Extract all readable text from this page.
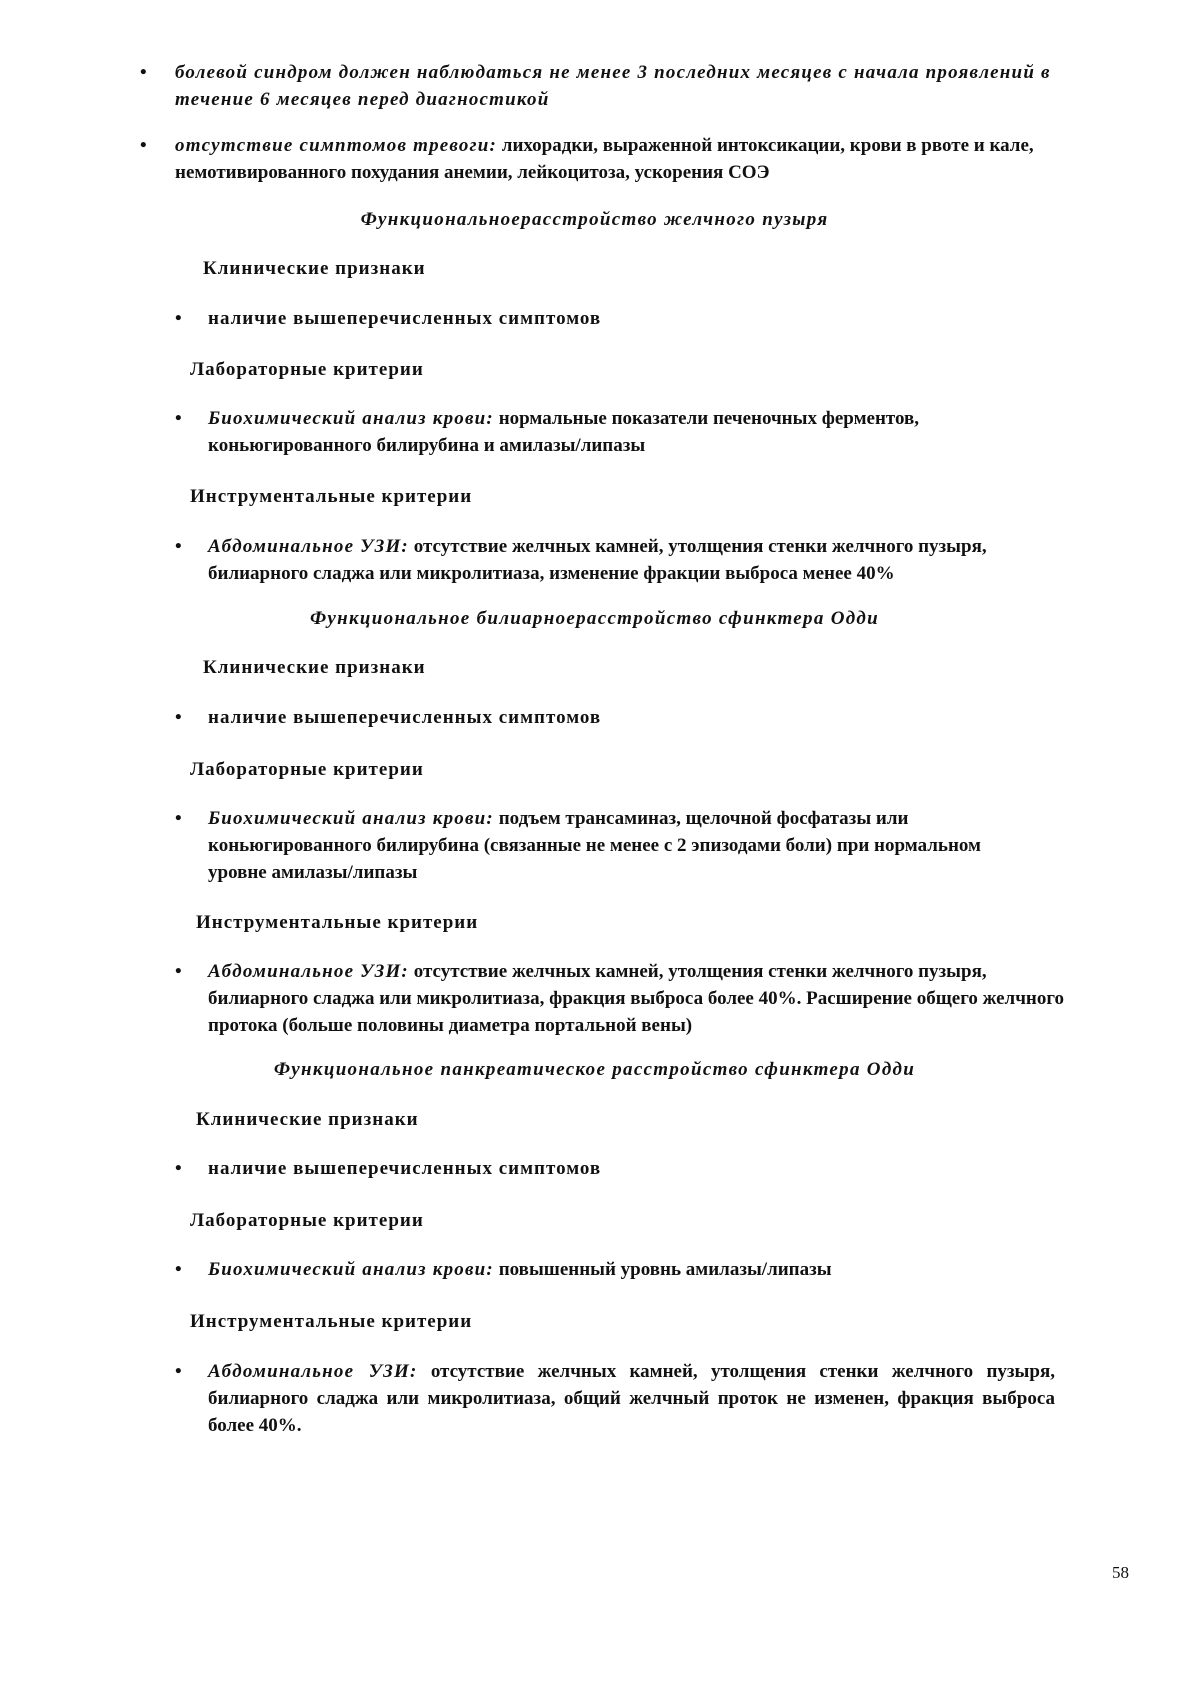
• болевой синдром должен наблюдаться не менее 3 последних месяцев с начала проявлений в течение 6 месяцев перед диагностикой
• отсутствие симптомов тревоги: лихорадки, выраженной интоксикации, крови в рвоте и кале, немотивированного похудания анемии, лейкоцитоза, ускорения СОЭ
Функциональноерасстройство желчного пузыря
Клинические признаки
• наличие вышеперечисленных симптомов
Лабораторные критерии
• Биохимический анализ крови: нормальные показатели печеночных ферментов, коньюгированного билирубина и амилазы/липазы
Инструментальные критерии
• Абдоминальное УЗИ: отсутствие желчных камней, утолщения стенки желчного пузыря, билиарного сладжа или микролитиаза, изменение фракции выброса менее 40%
Функциональное билиарноерасстройство сфинктера Одди
Клинические признаки
• наличие вышеперечисленных симптомов
Лабораторные критерии
• Биохимический анализ крови: подъем трансаминаз, щелочной фосфатазы или коньюгированного билирубина (связанные не менее с 2 эпизодами боли) при нормальном уровне амилазы/липазы
Инструментальные критерии
• Абдоминальное УЗИ: отсутствие желчных камней, утолщения стенки желчного пузыря, билиарного сладжа или микролитиаза, фракция выброса более 40%. Расширение общего желчного протока (больше половины диаметра портальной вены)
Функциональное панкреатическое расстройство сфинктера Одди
Клинические признаки
• наличие вышеперечисленных симптомов
Лабораторные критерии
• Биохимический анализ крови: повышенный уровнь амилазы/липазы
Инструментальные критерии
• Абдоминальное УЗИ: отсутствие желчных камней, утолщения стенки желчного пузыря, билиарного сладжа или микролитиаза, общий желчный проток не изменен, фракция выброса более 40%.
58
